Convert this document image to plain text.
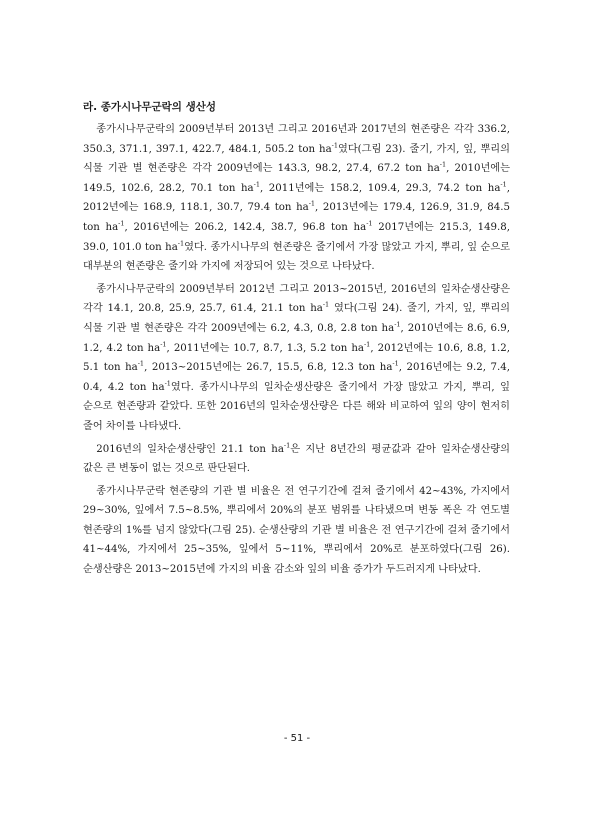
라. 종가시나무군락의 생산성

종가시나무군락의 2009년부터 2013년 그리고 2016년과 2017년의 현존량은 각각 336.2, 350.3, 371.1, 397.1, 422.7, 484.1, 505.2 ton $ha^{-1}$였다(그림 23). 줄기, 가지, 잎, 뿌리의 식물 기관 별 현존량은 각각 2009년에는 143.3, 98.2, 27.4, 67.2 ton $ha^{-1}$, 2010년에는 149.5, 102.6, 28.2, 70.1 ton $ha^{-1}$, 2011년에는 158.2, 109.4, 29.3, 74.2 ton $ha^{-1}$, 2012년에는 168.9, 118.1, 30.7, 79.4 ton $ha^{-1}$, 2013년에는 179.4, 126.9, 31.9, 84.5 ton $ha^{-1}$, 2016년에는 206.2, 142.4, 38.7, 96.8 ton $ha^{-1}$ 2017년에는 215.3, 149.8, 39.0, 101.0 ton $ha^{-1}$였다. 종가시나무의 현존량은 줄기에서 가장 많았고 가지, 뿌리, 잎 순으로 대부분의 현존량은 줄기와 가지에 저장되어 있는 것으로 나타났다.

종가시나무군락의 2009년부터 2012년 그리고 2013~2015년, 2016년의 일차순생산량은 각각 14.1, 20.8, 25.9, 25.7, 61.4, 21.1 ton $ha^{-1}$ 였다(그림 24). 줄기, 가지, 잎, 뿌리의 식물 기관 별 현존량은 각각 2009년에는 6.2, 4.3, 0.8, 2.8 ton $ha^{-1}$, 2010년에는 8.6, 6.9, 1.2, 4.2 ton $ha^{-1}$, 2011년에는 10.7, 8.7, 1.3, 5.2 ton $ha^{-1}$, 2012년에는 10.6, 8.8, 1.2, 5.1 ton $ha^{-1}$, 2013~2015년에는 26.7, 15.5, 6.8, 12.3 ton $ha^{-1}$, 2016년에는 9.2, 7.4, 0.4, 4.2 ton $ha^{-1}$였다. 종가시나무의 일차순생산량은 줄기에서 가장 많았고 가지, 뿌리, 잎 순으로 현존량과 같았다. 또한 2016년의 일차순생산량은 다른 해와 비교하여 잎의 양이 현저히 줄어 차이를 나타냈다.

2016년의 일차순생산량인 21.1 ton $ha^{-1}$은 지난 8년간의 평균값과 같아 일차순생산량의 값은 큰 변동이 없는 것으로 판단된다.

종가시나무군락 현존량의 기관 별 비율은 전 연구기간에 걸쳐 줄기에서 42~43%, 가지에서 29~30%, 잎에서 7.5~8.5%, 뿌리에서 20%의 분포 범위를 나타냈으며 변동 폭은 각 연도별 현존량의 1%를 넘지 않았다(그림 25). 순생산량의 기관 별 비율은 전 연구기간에 걸쳐 줄기에서 41~44%, 가지에서 25~35%, 잎에서 5~11%, 뿌리에서 20%로 분포하였다(그림 26). 순생산량은 2013~2015년에 가지의 비율 감소와 잎의 비율 증가가 두드러지게 나타났다.

- 51 -
